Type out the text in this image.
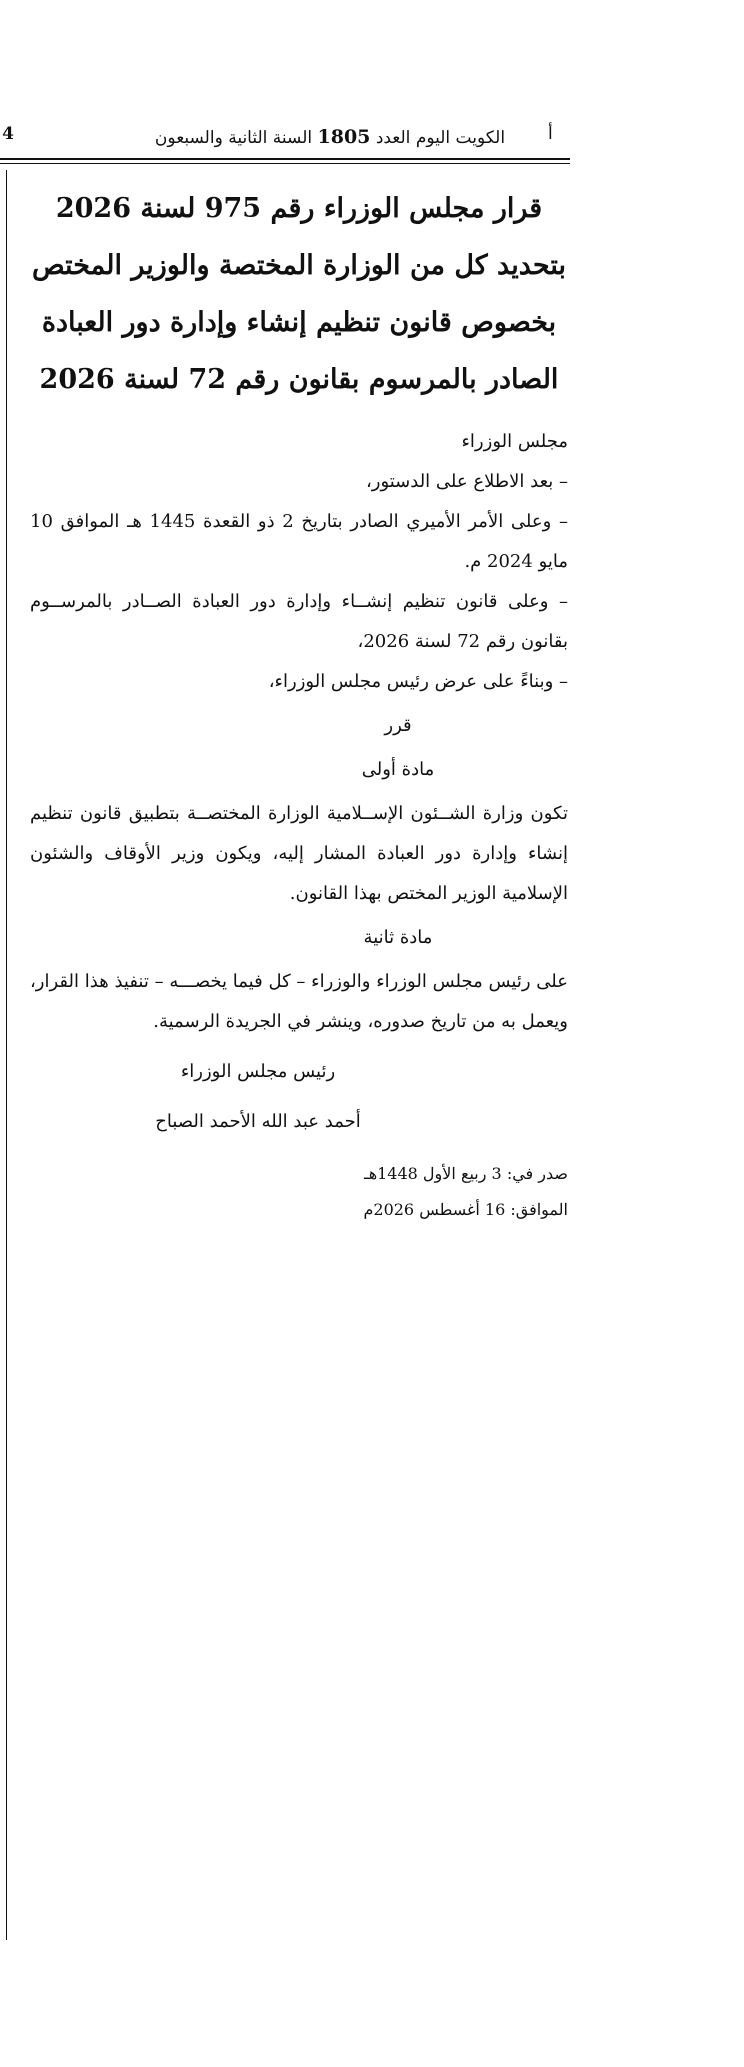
4	الكويت اليوم العدد 1805 السنة الثانية والسبعون	أ
قرار مجلس الوزراء رقم 975 لسنة 2026
بتحديد كل من الوزارة المختصة والوزير المختص
بخصوص قانون تنظيم إنشاء وإدارة دور العبادة
الصادر بالمرسوم بقانون رقم 72 لسنة 2026

مجلس الوزراء

– بعد الاطلاع على الدستور،

– وعلى الأمر الأميري الصادر بتاريخ 2 ذو القعدة 1445 هـ الموافق 10 مايو 2024 م.

– وعلى قانون تنظيم إنشــاء وإدارة دور العبادة الصــادر بالمرســوم بقانون رقم 72 لسنة 2026،

– وبناءً على عرض رئيس مجلس الوزراء،

قرر
مادة أولى

تكون وزارة الشــئون الإســلامية الوزارة المختصــة بتطبيق قانون تنظيم إنشاء وإدارة دور العبادة المشار إليه، ويكون وزير الأوقاف والشئون الإسلامية الوزير المختص بهذا القانون.

مادة ثانية

على رئيس مجلس الوزراء والوزراء – كل فيما يخصـــه – تنفيذ هذا القرار، ويعمل به من تاريخ صدوره، وينشر في الجريدة الرسمية.

رئيس مجلس الوزراء
أحمد عبد الله الأحمد الصباح
صدر في: 3 ربيع الأول 1448هـ
الموافق: 16 أغسطس 2026م
